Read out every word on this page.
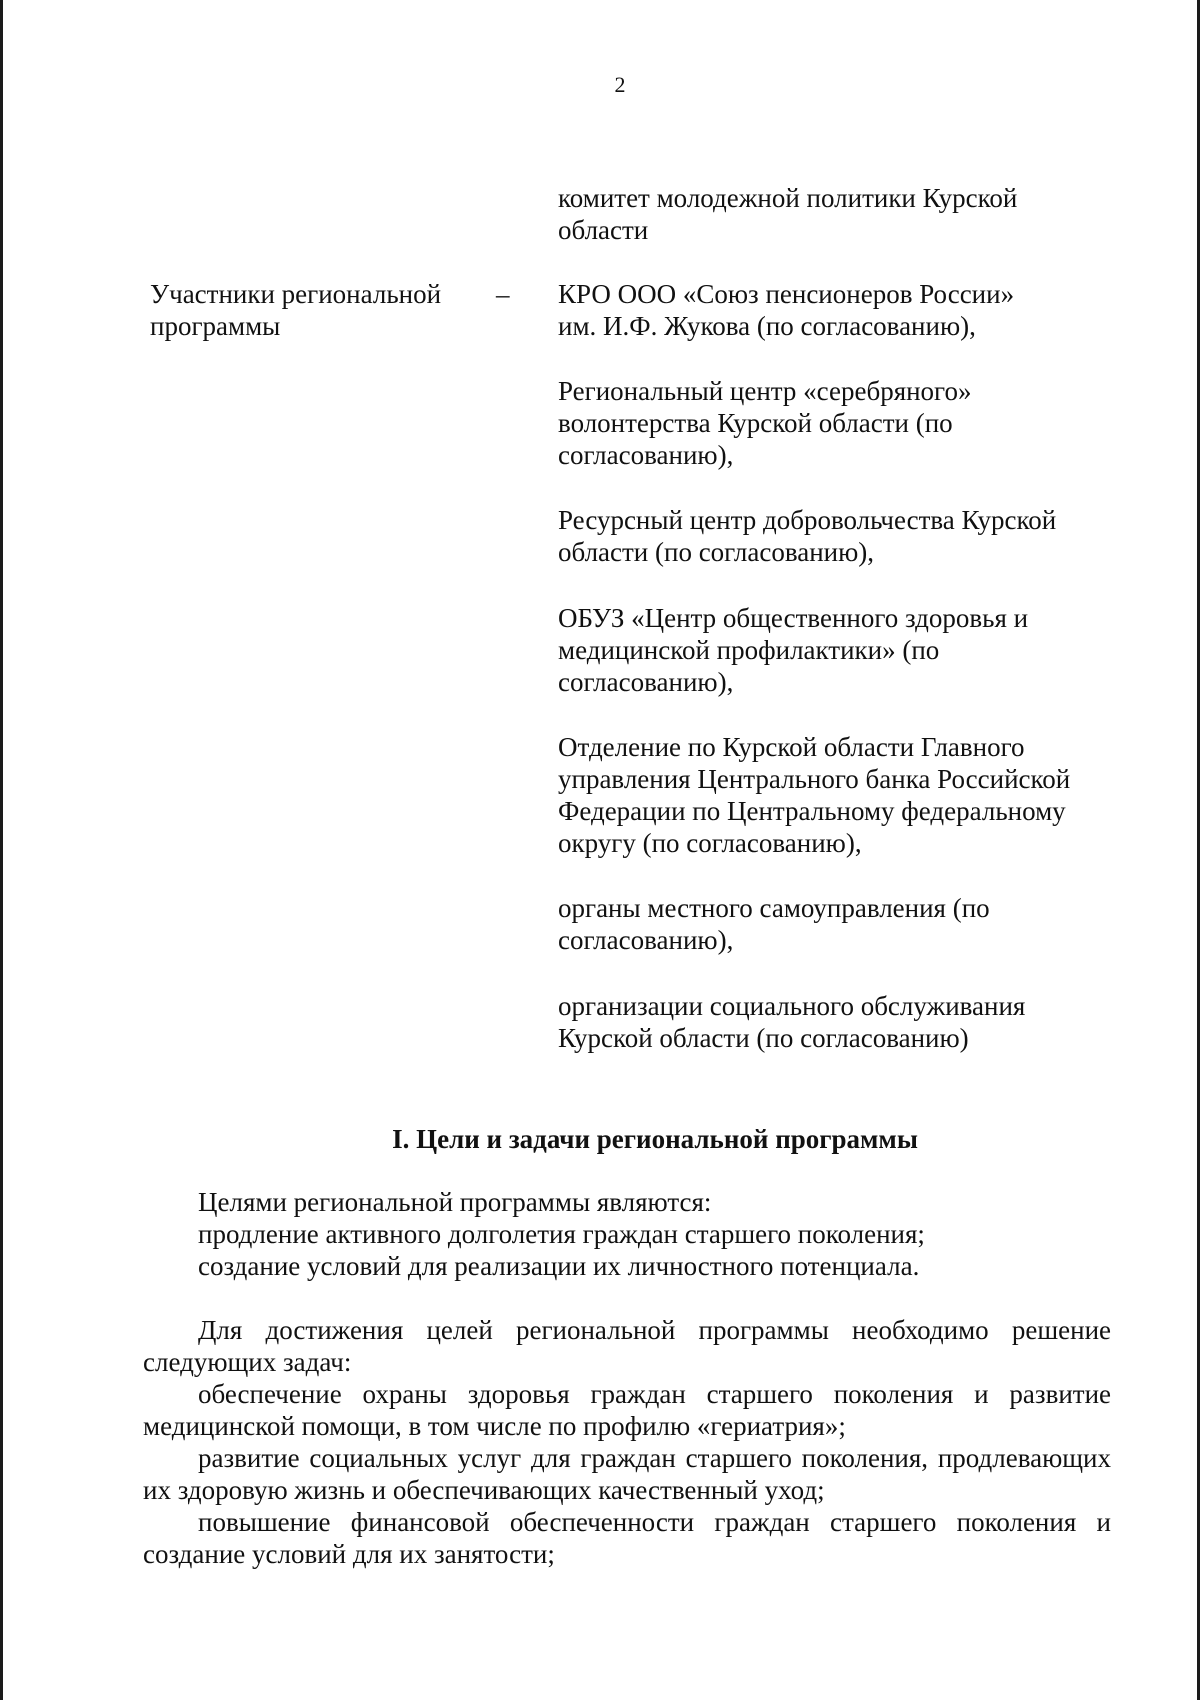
2
комитет молодежной политики Курской
области
Участники региональной
программы
– КРО ООО «Союз пенсионеров России»
им. И.Ф. Жукова (по согласованию),
Региональный центр «серебряного»
волонтерства Курской области (по
согласованию),
Ресурсный центр добровольчества Курской
области (по согласованию),
ОБУЗ «Центр общественного здоровья и
медицинской профилактики» (по
согласованию),
Отделение по Курской области Главного
управления Центрального банка Российской
Федерации по Центральному федеральному
округу (по согласованию),
органы местного самоуправления (по
согласованию),
организации социального обслуживания
Курской области (по согласованию)
I. Цели и задачи региональной программы
Целями региональной программы являются:
продление активного долголетия граждан старшего поколения;
создание условий для реализации их личностного потенциала.
Для достижения целей региональной программы необходимо решение следующих задач:
обеспечение охраны здоровья граждан старшего поколения и развитие медицинской помощи, в том числе по профилю «гериатрия»;
развитие социальных услуг для граждан старшего поколения, продлевающих их здоровую жизнь и обеспечивающих качественный уход;
повышение финансовой обеспеченности граждан старшего поколения и создание условий для их занятости;
